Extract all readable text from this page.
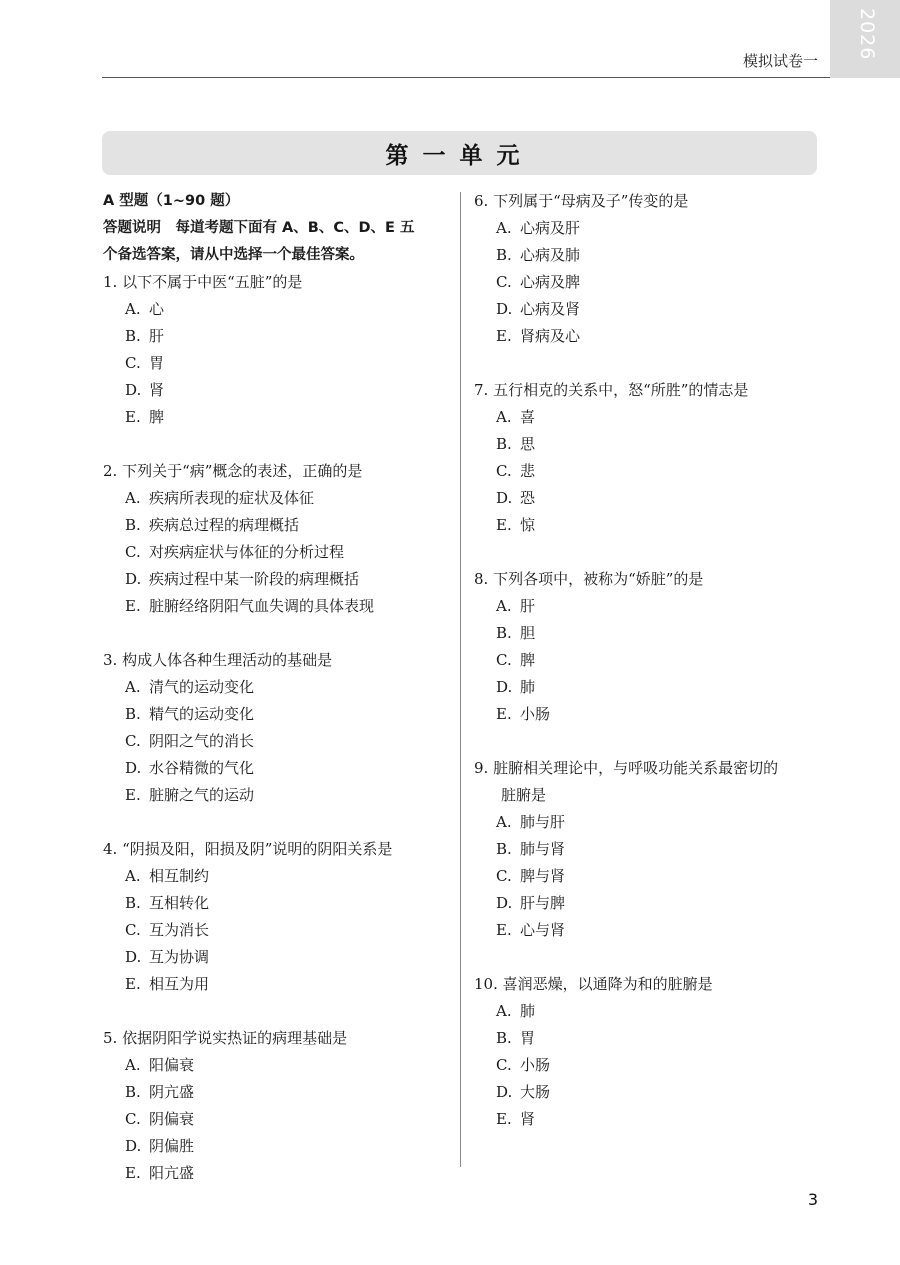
2026
模拟试卷一
第一单元
A 型题（1~90 题）
答题说明　每道考题下面有 A、B、C、D、E 五
个备选答案，请从中选择一个最佳答案。
1. 以下不属于中医“五脏”的是
A. 心
B. 肝
C. 胃
D. 肾
E. 脾
2. 下列关于“病”概念的表述，正确的是
A. 疾病所表现的症状及体征
B. 疾病总过程的病理概括
C. 对疾病症状与体征的分析过程
D. 疾病过程中某一阶段的病理概括
E. 脏腑经络阴阳气血失调的具体表现
3. 构成人体各种生理活动的基础是
A. 清气的运动变化
B. 精气的运动变化
C. 阴阳之气的消长
D. 水谷精微的气化
E. 脏腑之气的运动
4. “阴损及阳，阳损及阴”说明的阴阳关系是
A. 相互制约
B. 互相转化
C. 互为消长
D. 互为协调
E. 相互为用
5. 依据阴阳学说实热证的病理基础是
A. 阳偏衰
B. 阴亢盛
C. 阴偏衰
D. 阴偏胜
E. 阳亢盛
6. 下列属于“母病及子”传变的是
A. 心病及肝
B. 心病及肺
C. 心病及脾
D. 心病及肾
E. 肾病及心
7. 五行相克的关系中，怒“所胜”的情志是
A. 喜
B. 思
C. 悲
D. 恐
E. 惊
8. 下列各项中，被称为“娇脏”的是
A. 肝
B. 胆
C. 脾
D. 肺
E. 小肠
9. 脏腑相关理论中，与呼吸功能关系最密切的
脏腑是
A. 肺与肝
B. 肺与肾
C. 脾与肾
D. 肝与脾
E. 心与肾
10. 喜润恶燥，以通降为和的脏腑是
A. 肺
B. 胃
C. 小肠
D. 大肠
E. 肾
3
